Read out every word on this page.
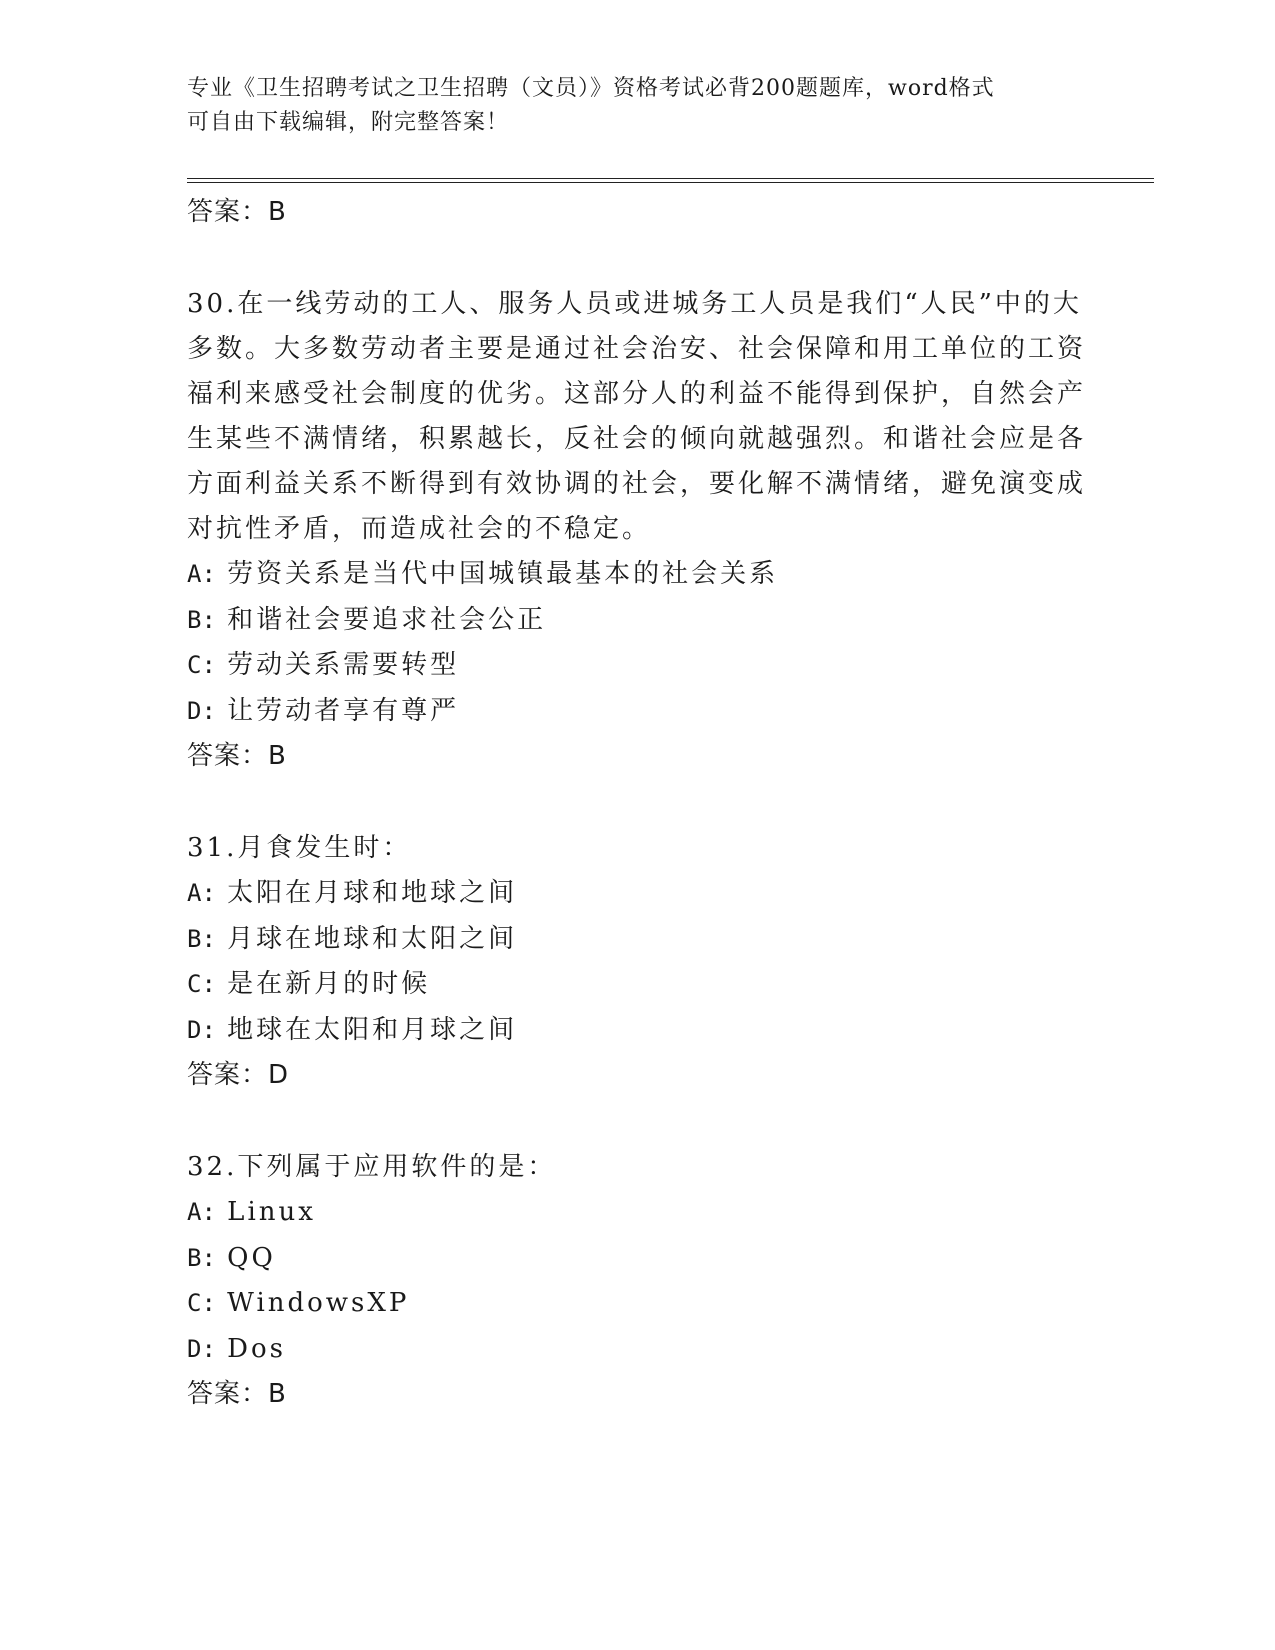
专业《卫生招聘考试之卫生招聘（文员）》资格考试必背200题题库，word格式
可自由下载编辑，附完整答案！
答案：B

30.在一线劳动的工人、服务人员或进城务工人员是我们“人民”中的大多数。大多数劳动者主要是通过社会治安、社会保障和用工单位的工资福利来感受社会制度的优劣。这部分人的利益不能得到保护，自然会产生某些不满情绪，积累越长，反社会的倾向就越强烈。和谐社会应是各方面利益关系不断得到有效协调的社会，要化解不满情绪，避免演变成对抗性矛盾，而造成社会的不稳定。

A: 劳资关系是当代中国城镇最基本的社会关系
B: 和谐社会要追求社会公正
C: 劳动关系需要转型
D: 让劳动者享有尊严
答案：B

31.月食发生时：

A: 太阳在月球和地球之间
B: 月球在地球和太阳之间
C: 是在新月的时候
D: 地球在太阳和月球之间
答案：D

32.下列属于应用软件的是：

A: Linux
B: QQ
C: WindowsXP
D: Dos
答案：B
